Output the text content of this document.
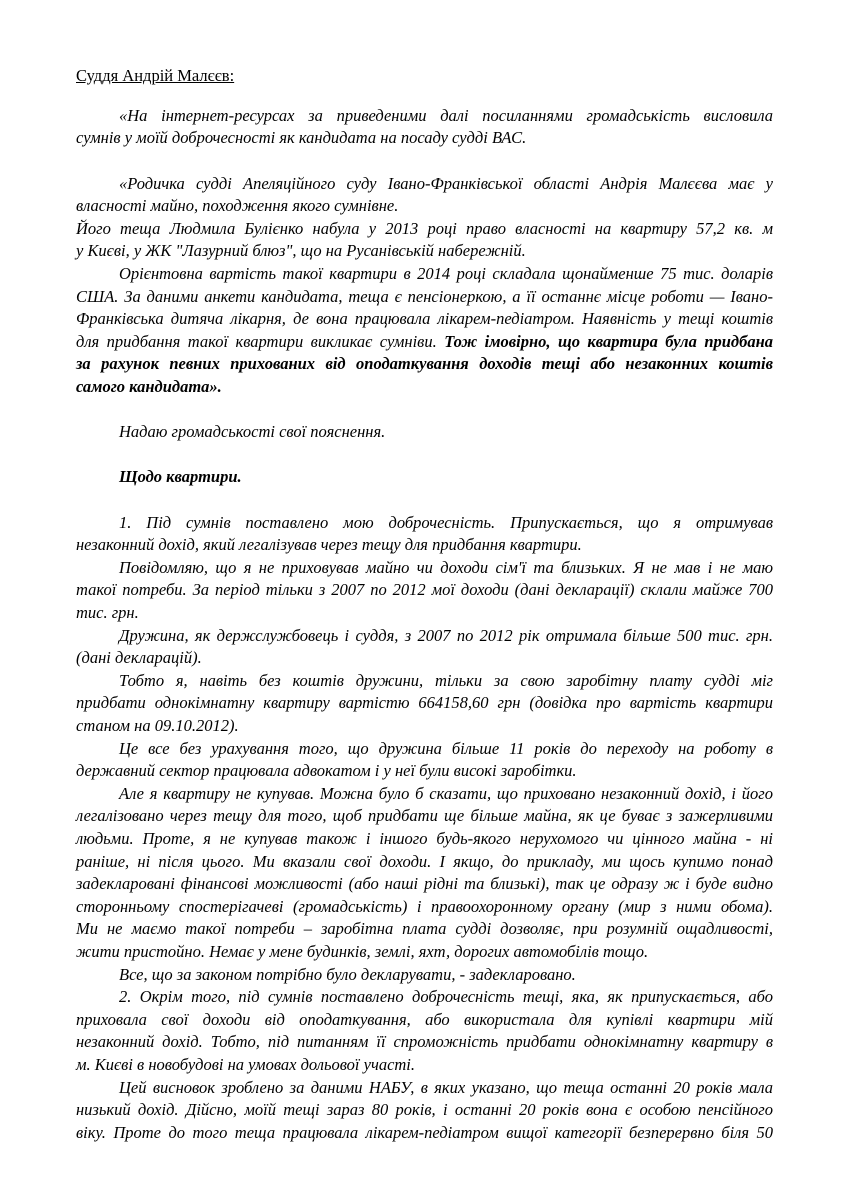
Суддя Андрій Малєєв:
«На інтернет-ресурсах за приведеними далі посиланнями громадськість висловила
сумнів у моїй доброчесності як кандидата на посаду судді ВАС.
«Родичка судді Апеляційного суду Івано-Франківської області Андрія Малєєва має у
власності майно, походження якого сумнівне.
Його теща Людмила Булієнко набула у 2013 році право власності на квартиру 57,2 кв. м
у Києві, у ЖК "Лазурний блюз", що на Русанівській набережній.
Орієнтовна вартість такої квартири в 2014 році складала щонайменше 75 тис. доларів
США. За даними анкети кандидата, теща є пенсіонеркою, а її останнє місце роботи — Івано-
Франківська дитяча лікарня, де вона працювала лікарем-педіатром. Наявність у тещі коштів
для придбання такої квартири викликає сумніви. Тож імовірно, що квартира була придбана
за рахунок певних прихованих від оподаткування доходів тещі або незаконних коштів
самого кандидата».
Надаю громадськості свої пояснення.
Щодо квартири.
1. Під сумнів поставлено мою доброчесність. Припускається, що я отримував
незаконний дохід, який легалізував через тещу для придбання квартири.
Повідомляю, що я не приховував майно чи доходи сім'ї та близьких. Я не мав і не маю
такої потреби. За період тільки з 2007 по 2012 мої доходи (дані декларації) склали майже 700
тис. грн.
Дружина, як держслужбовець і суддя, з 2007 по 2012 рік отримала більше 500 тис. грн.
(дані декларацій).
Тобто я, навіть без коштів дружини, тільки за свою заробітну плату судді міг
придбати однокімнатну квартиру вартістю 664158,60 грн (довідка про вартість квартири
станом на 09.10.2012).
Це все без урахування того, що дружина більше 11 років до переходу на роботу в
державний сектор працювала адвокатом і у неї були високі заробітки.
Але я квартиру не купував. Можна було б сказати, що приховано незаконний дохід, і його
легалізовано через тещу для того, щоб придбати ще більше майна, як це буває з зажерливими
людьми. Проте, я не купував також і іншого будь-якого нерухомого чи цінного майна - ні
раніше, ні після цього. Ми вказали свої доходи. І якщо, до прикладу, ми щось купимо понад
задекларовані фінансові можливості (або наші рідні та близькі), так це одразу ж і буде видно
сторонньому спостерігачеві (громадськість) і правоохоронному органу (мир з ними обома).
Ми не маємо такої потреби – заробітна плата судді дозволяє, при розумній ощадливості,
жити пристойно. Немає у мене будинків, землі, яхт, дорогих автомобілів тощо.
Все, що за законом потрібно було декларувати, - задекларовано.
2. Окрім того, під сумнів поставлено доброчесність тещі, яка, як припускається, або
приховала свої доходи від оподаткування, або використала для купівлі квартири мій
незаконний дохід. Тобто, під питанням її спроможність придбати однокімнатну квартиру в
м. Києві в новобудові на умовах дольової участі.
Цей висновок зроблено за даними НАБУ, в яких указано, що теща останні 20 років мала
низький дохід. Дійсно, моїй тещі зараз 80 років, і останні 20 років вона є особою пенсійного
віку. Проте до того теща працювала лікарем-педіатром вищої категорії безперервно біля 50
